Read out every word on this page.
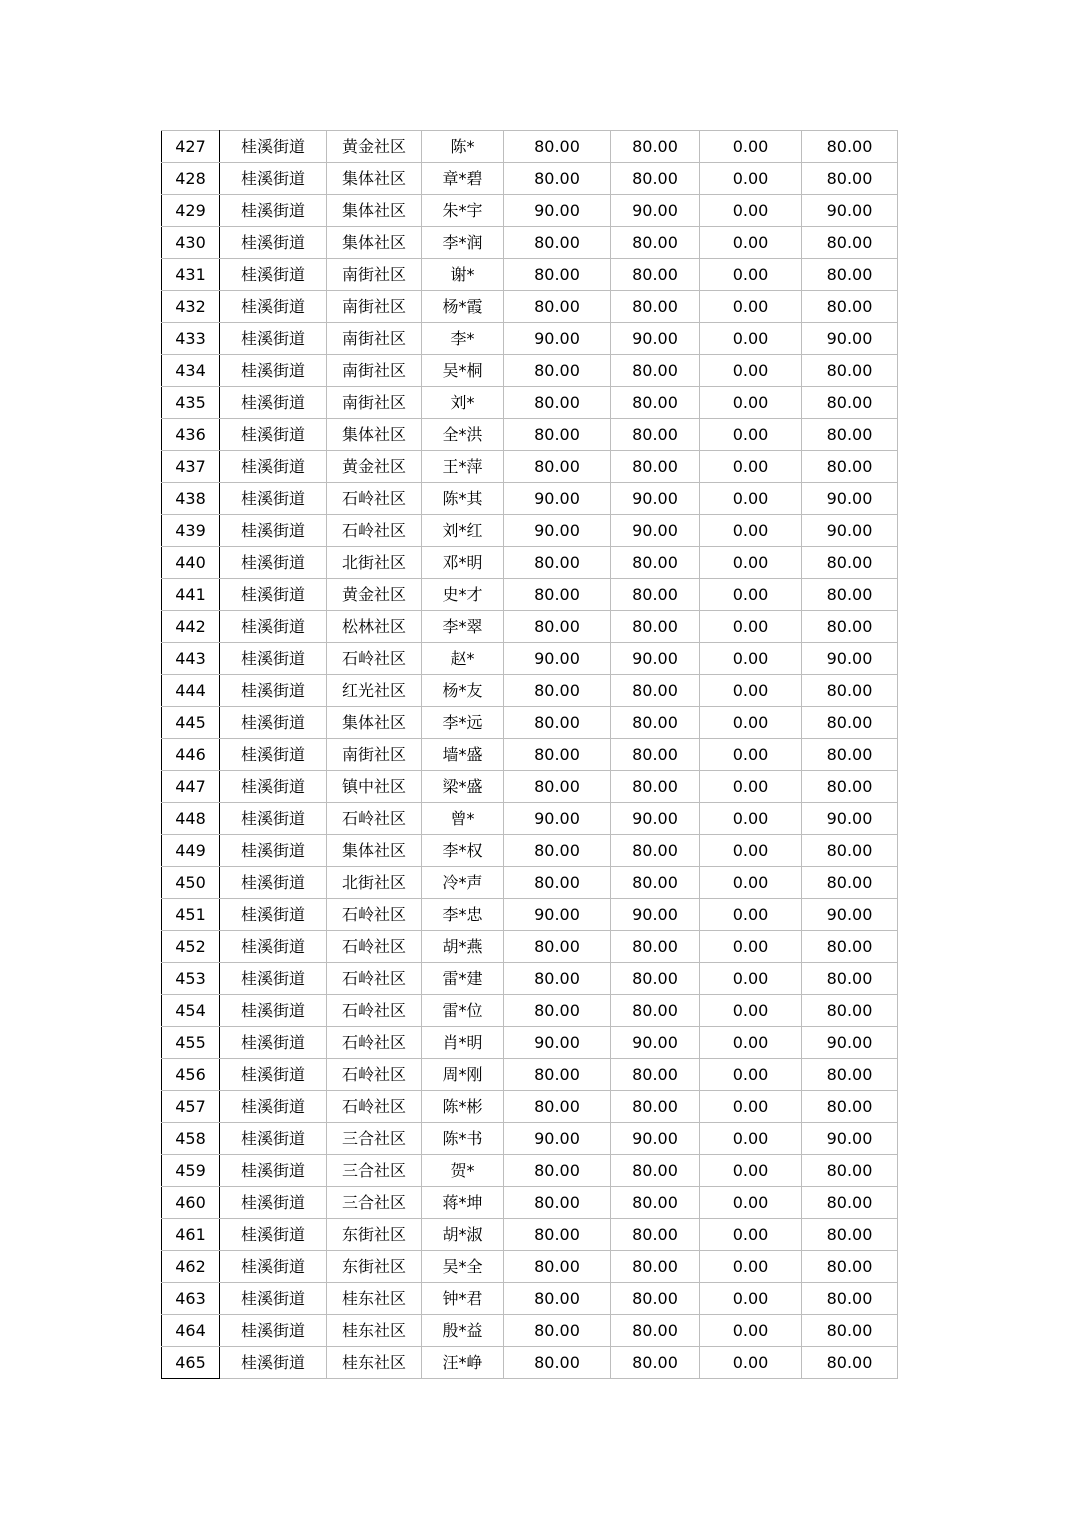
427	桂溪街道	黄金社区	陈*	80.00	80.00	0.00	80.00
428	桂溪街道	集体社区	章*碧	80.00	80.00	0.00	80.00
429	桂溪街道	集体社区	朱*宇	90.00	90.00	0.00	90.00
430	桂溪街道	集体社区	李*润	80.00	80.00	0.00	80.00
431	桂溪街道	南街社区	谢*	80.00	80.00	0.00	80.00
432	桂溪街道	南街社区	杨*霞	80.00	80.00	0.00	80.00
433	桂溪街道	南街社区	李*	90.00	90.00	0.00	90.00
434	桂溪街道	南街社区	吴*桐	80.00	80.00	0.00	80.00
435	桂溪街道	南街社区	刘*	80.00	80.00	0.00	80.00
436	桂溪街道	集体社区	全*洪	80.00	80.00	0.00	80.00
437	桂溪街道	黄金社区	王*萍	80.00	80.00	0.00	80.00
438	桂溪街道	石岭社区	陈*其	90.00	90.00	0.00	90.00
439	桂溪街道	石岭社区	刘*红	90.00	90.00	0.00	90.00
440	桂溪街道	北街社区	邓*明	80.00	80.00	0.00	80.00
441	桂溪街道	黄金社区	史*才	80.00	80.00	0.00	80.00
442	桂溪街道	松林社区	李*翠	80.00	80.00	0.00	80.00
443	桂溪街道	石岭社区	赵*	90.00	90.00	0.00	90.00
444	桂溪街道	红光社区	杨*友	80.00	80.00	0.00	80.00
445	桂溪街道	集体社区	李*远	80.00	80.00	0.00	80.00
446	桂溪街道	南街社区	墙*盛	80.00	80.00	0.00	80.00
447	桂溪街道	镇中社区	梁*盛	80.00	80.00	0.00	80.00
448	桂溪街道	石岭社区	曾*	90.00	90.00	0.00	90.00
449	桂溪街道	集体社区	李*权	80.00	80.00	0.00	80.00
450	桂溪街道	北街社区	冷*声	80.00	80.00	0.00	80.00
451	桂溪街道	石岭社区	李*忠	90.00	90.00	0.00	90.00
452	桂溪街道	石岭社区	胡*燕	80.00	80.00	0.00	80.00
453	桂溪街道	石岭社区	雷*建	80.00	80.00	0.00	80.00
454	桂溪街道	石岭社区	雷*位	80.00	80.00	0.00	80.00
455	桂溪街道	石岭社区	肖*明	90.00	90.00	0.00	90.00
456	桂溪街道	石岭社区	周*刚	80.00	80.00	0.00	80.00
457	桂溪街道	石岭社区	陈*彬	80.00	80.00	0.00	80.00
458	桂溪街道	三合社区	陈*书	90.00	90.00	0.00	90.00
459	桂溪街道	三合社区	贺*	80.00	80.00	0.00	80.00
460	桂溪街道	三合社区	蒋*坤	80.00	80.00	0.00	80.00
461	桂溪街道	东街社区	胡*淑	80.00	80.00	0.00	80.00
462	桂溪街道	东街社区	吴*全	80.00	80.00	0.00	80.00
463	桂溪街道	桂东社区	钟*君	80.00	80.00	0.00	80.00
464	桂溪街道	桂东社区	殷*益	80.00	80.00	0.00	80.00
465	桂溪街道	桂东社区	汪*峥	80.00	80.00	0.00	80.00
